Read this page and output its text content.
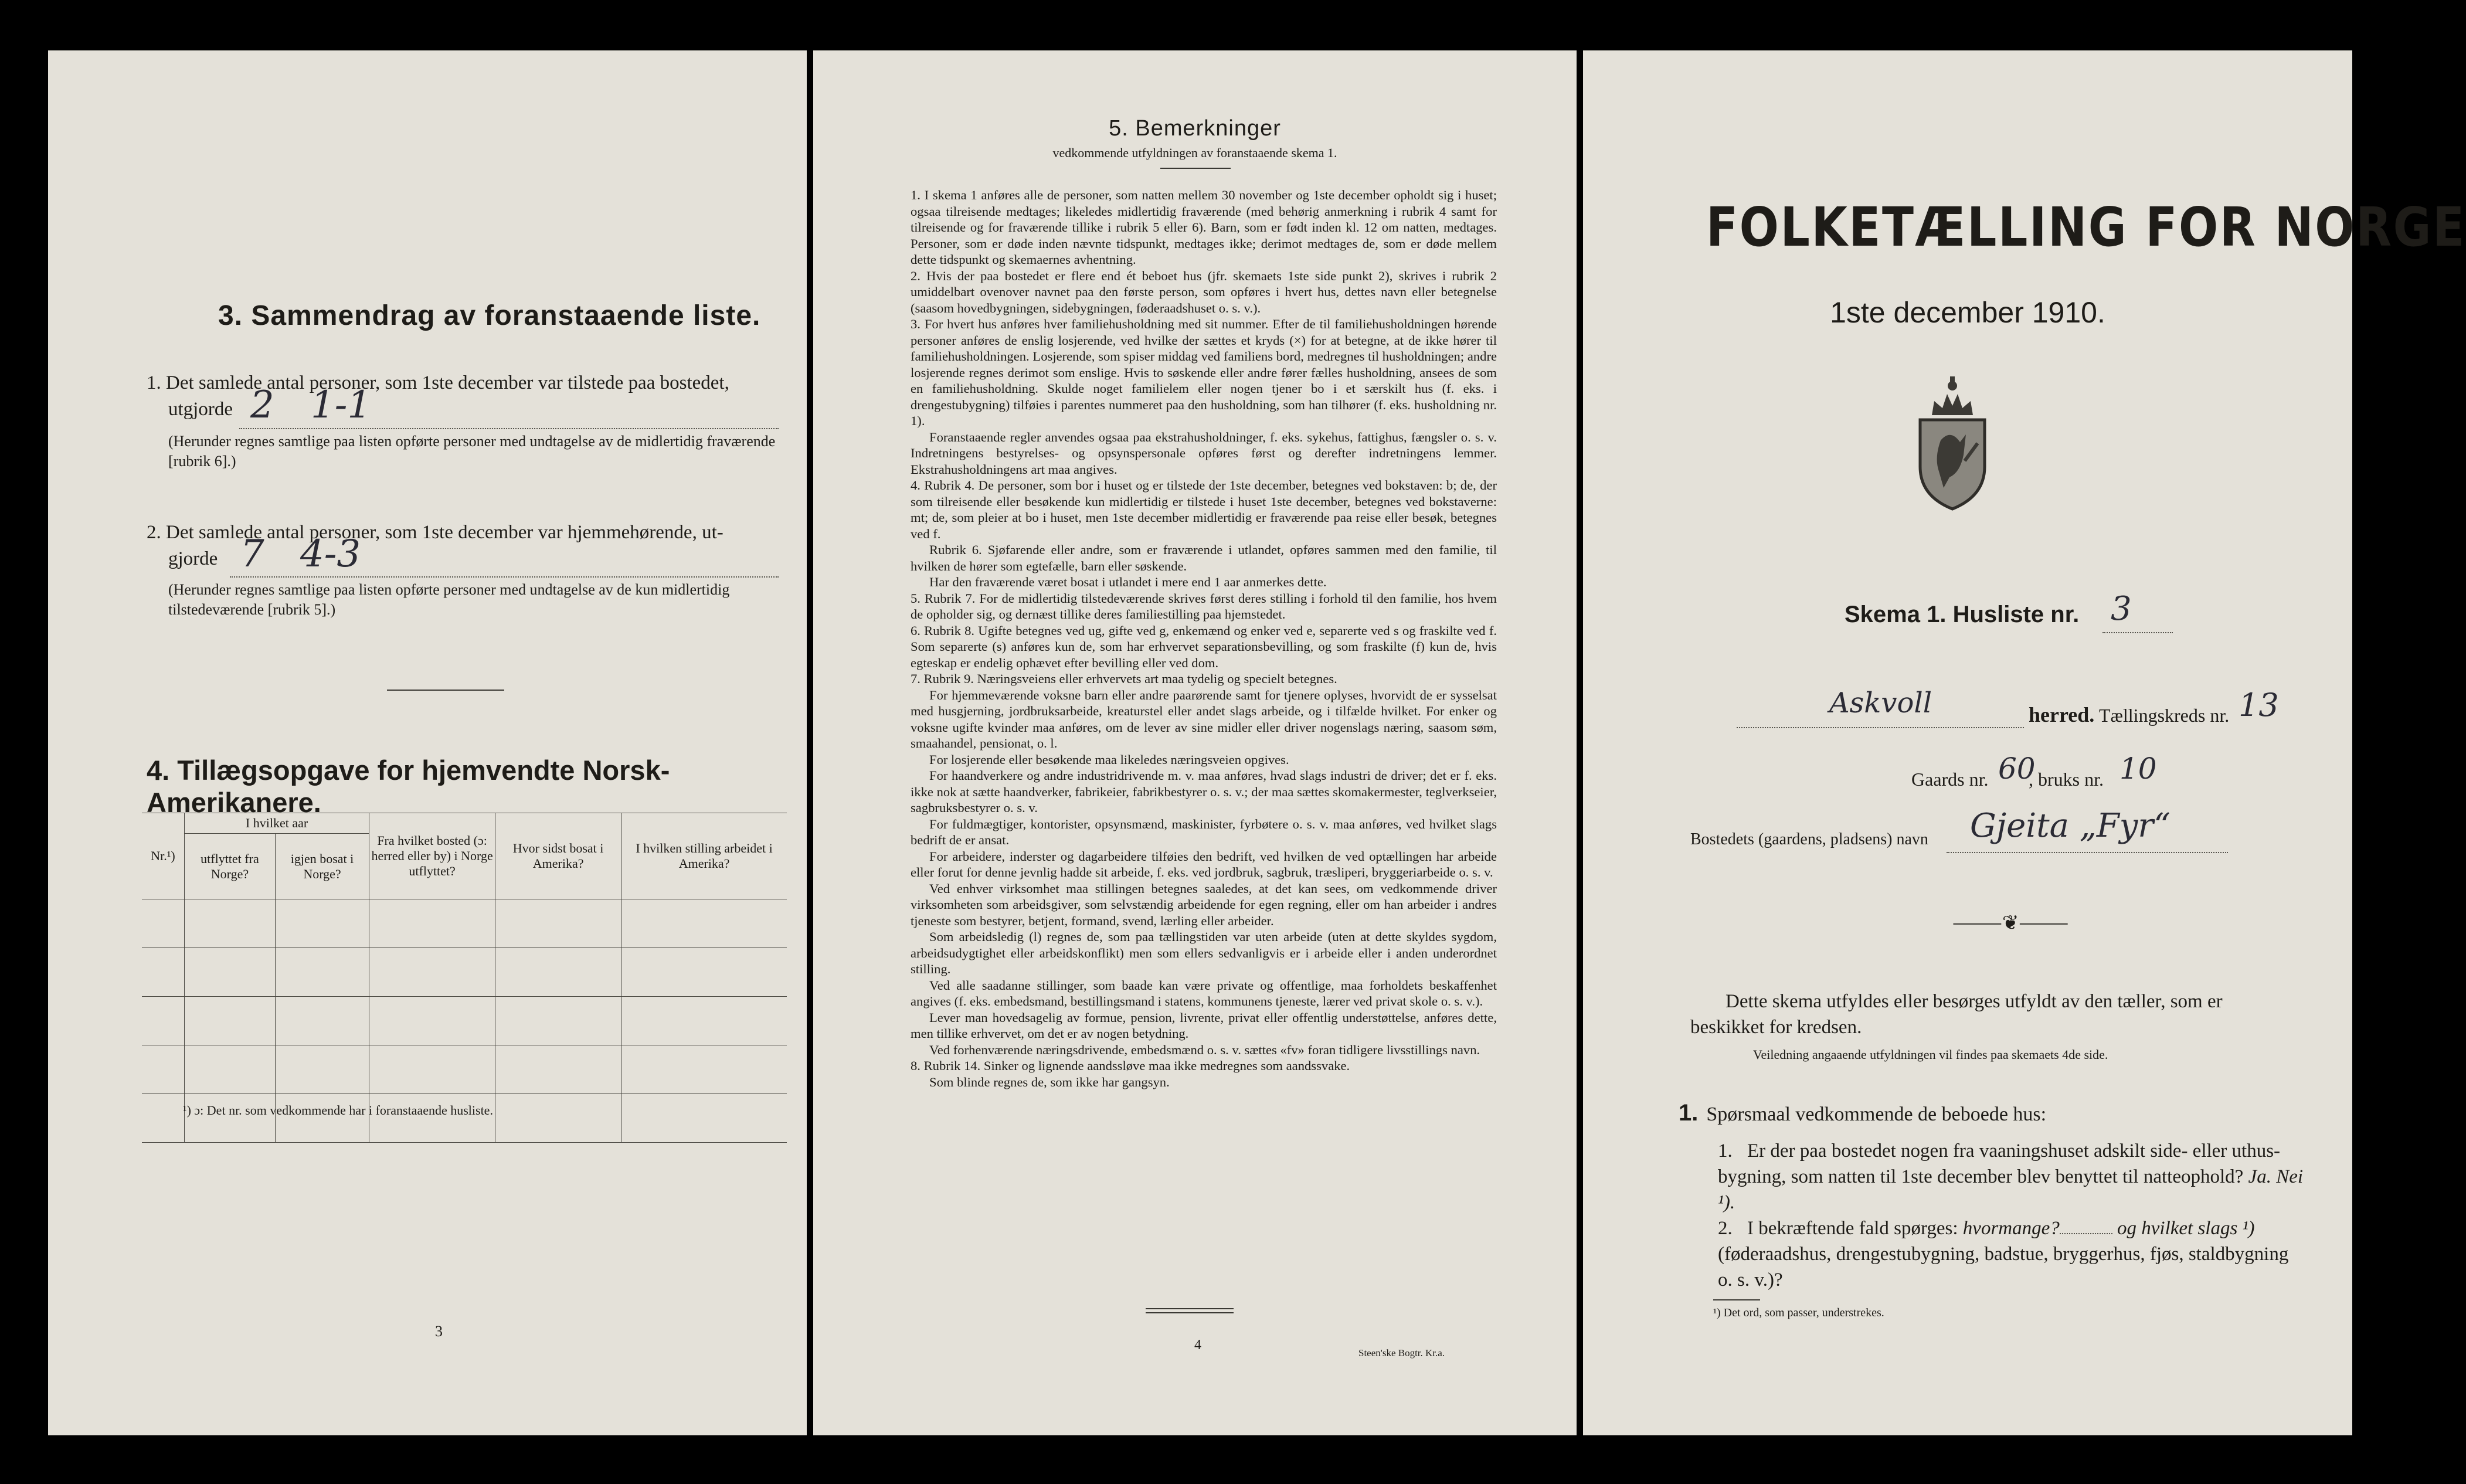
3. Sammendrag av foranstaaende liste.
1. Det samlede antal personer, som 1ste december var tilstede paa bostedet,
utgjorde 2 1-1
(Herunder regnes samtlige paa listen opførte personer med undtagelse av de midlertidig fraværende [rubrik 6].)
2. Det samlede antal personer, som 1ste december var hjemmehørende, ut-
gjorde 7 4-3
(Herunder regnes samtlige paa listen opførte personer med undtagelse av de kun midlertidig tilstedeværende [rubrik 5].)
4. Tillægsopgave for hjemvendte Norsk-Amerikanere.
Nr.¹)	I hvilket aar		Fra hvilket bosted (ɔ: herred eller by) i Norge utflyttet?	Hvor sidst bosat i Amerika?	I hvilken stilling arbeidet i Amerika?
	utflyttet fra Norge?	igjen bosat i Norge?			

¹) ɔ: Det nr. som vedkommende har i foranstaaende husliste.
3
5. Bemerkninger
vedkommende utfyldningen av foranstaaende skema 1.

1. I skema 1 anføres alle de personer, som natten mellem 30 november og 1ste december opholdt sig i huset; ogsaa tilreisende medtages; likeledes midlertidig fraværende (med behørig anmerkning i rubrik 4 samt for tilreisende og for fraværende tillike i rubrik 5 eller 6). Barn, som er født inden kl. 12 om natten, medtages. Personer, som er døde inden nævnte tidspunkt, medtages ikke; derimot medtages de, som er døde mellem dette tidspunkt og skemaernes avhentning.

2. Hvis der paa bostedet er flere end ét beboet hus (jfr. skemaets 1ste side punkt 2), skrives i rubrik 2 umiddelbart ovenover navnet paa den første person, som opføres i hvert hus, dettes navn eller betegnelse (saasom hovedbygningen, sidebygningen, føderaadshuset o. s. v.).

3. For hvert hus anføres hver familiehusholdning med sit nummer. Efter de til familiehusholdningen hørende personer anføres de enslig losjerende, ved hvilke der sættes et kryds (×) for at betegne, at de ikke hører til familiehusholdningen. Losjerende, som spiser middag ved familiens bord, medregnes til husholdningen; andre losjerende regnes derimot som enslige. Hvis to søskende eller andre fører fælles husholdning, ansees de som en familiehusholdning. Skulde noget familielem eller nogen tjener bo i et særskilt hus (f. eks. i drengestubygning) tilføies i parentes nummeret paa den husholdning, som han tilhører (f. eks. husholdning nr. 1).

Foranstaaende regler anvendes ogsaa paa ekstrahusholdninger, f. eks. sykehus, fattighus, fængsler o. s. v. Indretningens bestyrelses- og opsynspersonale opføres først og derefter indretningens lemmer. Ekstrahusholdningens art maa angives.

4. Rubrik 4. De personer, som bor i huset og er tilstede der 1ste december, betegnes ved bokstaven: b; de, der som tilreisende eller besøkende kun midlertidig er tilstede i huset 1ste december, betegnes ved bokstaverne: mt; de, som pleier at bo i huset, men 1ste december midlertidig er fraværende paa reise eller besøk, betegnes ved f.

Rubrik 6. Sjøfarende eller andre, som er fraværende i utlandet, opføres sammen med den familie, til hvilken de hører som egtefælle, barn eller søskende.

Har den fraværende været bosat i utlandet i mere end 1 aar anmerkes dette.

5. Rubrik 7. For de midlertidig tilstedeværende skrives først deres stilling i forhold til den familie, hos hvem de opholder sig, og dernæst tillike deres familiestilling paa hjemstedet.

6. Rubrik 8. Ugifte betegnes ved ug, gifte ved g, enkemænd og enker ved e, separerte ved s og fraskilte ved f. Som separerte (s) anføres kun de, som har erhvervet separationsbevilling, og som fraskilte (f) kun de, hvis egteskap er endelig ophævet efter bevilling eller ved dom.

7. Rubrik 9. Næringsveiens eller erhvervets art maa tydelig og specielt betegnes.

For hjemmeværende voksne barn eller andre paarørende samt for tjenere oplyses, hvorvidt de er sysselsat med husgjerning, jordbruksarbeide, kreaturstel eller andet slags arbeide, og i tilfælde hvilket. For enker og voksne ugifte kvinder maa anføres, om de lever av sine midler eller driver nogenslags næring, saasom søm, smaahandel, pensionat, o. l.

For losjerende eller besøkende maa likeledes næringsveien opgives.

For haandverkere og andre industridrivende m. v. maa anføres, hvad slags industri de driver; det er f. eks. ikke nok at sætte haandverker, fabrikeier, fabrikbestyrer o. s. v.; der maa sættes skomakermester, teglverkseier, sagbruksbestyrer o. s. v.

For fuldmægtiger, kontorister, opsynsmænd, maskinister, fyrbøtere o. s. v. maa anføres, ved hvilket slags bedrift de er ansat.

For arbeidere, inderster og dagarbeidere tilføies den bedrift, ved hvilken de ved optællingen har arbeide eller forut for denne jevnlig hadde sit arbeide, f. eks. ved jordbruk, sagbruk, træsliperi, bryggeriarbeide o. s. v.

Ved enhver virksomhet maa stillingen betegnes saaledes, at det kan sees, om vedkommende driver virksomheten som arbeidsgiver, som selvstændig arbeidende for egen regning, eller om han arbeider i andres tjeneste som bestyrer, betjent, formand, svend, lærling eller arbeider.

Som arbeidsledig (l) regnes de, som paa tællingstiden var uten arbeide (uten at dette skyldes sygdom, arbeidsudygtighet eller arbeidskonflikt) men som ellers sedvanligvis er i arbeide eller i anden underordnet stilling.

Ved alle saadanne stillinger, som baade kan være private og offentlige, maa forholdets beskaffenhet angives (f. eks. embedsmand, bestillingsmand i statens, kommunens tjeneste, lærer ved privat skole o. s. v.).

Lever man hovedsagelig av formue, pension, livrente, privat eller offentlig understøttelse, anføres dette, men tillike erhvervet, om det er av nogen betydning.

Ved forhenværende næringsdrivende, embedsmænd o. s. v. sættes «fv» foran tidligere livsstillings navn.

8. Rubrik 14. Sinker og lignende aandssløve maa ikke medregnes som aandssvake.

Som blinde regnes de, som ikke har gangsyn.

4
Steen'ske Bogtr. Kr.a.
FOLKETÆLLING FOR NORGE
1ste december 1910.
Skema 1. Husliste nr. 3
Askvoll	herred. Tællingskreds nr. 13
Gaards nr. 60
, bruks nr. 10
Bostedets (gaardens, pladsens) navn Gjeita „Fyr“
⸻❦⸻
Dette skema utfyldes eller besørges utfyldt av den tæller, som er beskikket for kredsen.
Veiledning angaaende utfyldningen vil findes paa skemaets 4de side.
1. Spørsmaal vedkommende de beboede hus:
1. Er der paa bostedet nogen fra vaaningshuset adskilt side- eller uthus-bygning, som natten til 1ste december blev benyttet til natteophold? Ja. Nei ¹).
2. I bekræftende fald spørges: hvormange?	og hvilket slags ¹) (føderaadshus, drengestubygning, badstue, bryggerhus, fjøs, staldbygning o. s. v.)?
¹) Det ord, som passer, understrekes.
